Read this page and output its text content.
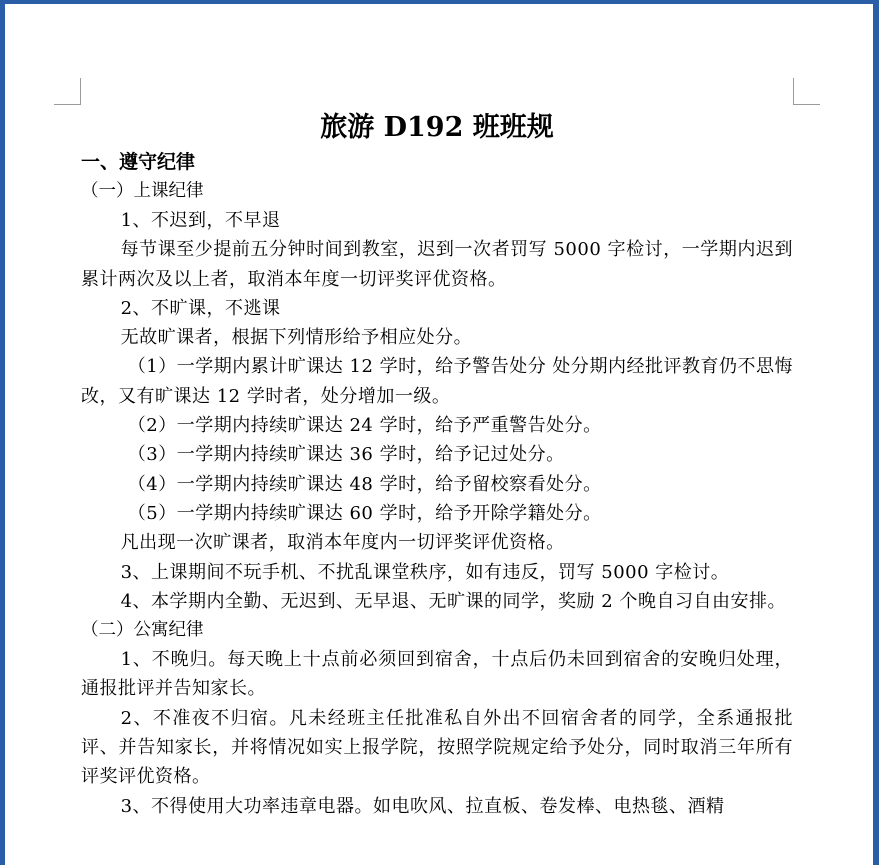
旅游 D192 班班规
一、遵守纪律
（一）上课纪律

1、不迟到，不早退

每节课至少提前五分钟时间到教室，迟到一次者罚写 5000 字检讨，一学期内迟到累计两次及以上者，取消本年度一切评奖评优资格。

2、不旷课，不逃课

无故旷课者，根据下列情形给予相应处分。

（1）一学期内累计旷课达 12 学时，给予警告处分 处分期内经批评教育仍不思悔改，又有旷课达 12 学时者，处分增加一级。

（2）一学期内持续旷课达 24 学时，给予严重警告处分。

（3）一学期内持续旷课达 36 学时，给予记过处分。

（4）一学期内持续旷课达 48 学时，给予留校察看处分。

（5）一学期内持续旷课达 60 学时，给予开除学籍处分。

凡出现一次旷课者，取消本年度内一切评奖评优资格。

3、上课期间不玩手机、不扰乱课堂秩序，如有违反，罚写 5000 字检讨。

4、本学期内全勤、无迟到、无早退、无旷课的同学，奖励 2 个晚自习自由安排。

（二）公寓纪律

1、不晚归。每天晚上十点前必须回到宿舍，十点后仍未回到宿舍的安晚归处理，通报批评并告知家长。

2、不准夜不归宿。凡未经班主任批准私自外出不回宿舍者的同学，全系通报批评、并告知家长，并将情况如实上报学院，按照学院规定给予处分，同时取消三年所有评奖评优资格。

3、不得使用大功率违章电器。如电吹风、拉直板、卷发棒、电热毯、酒精
